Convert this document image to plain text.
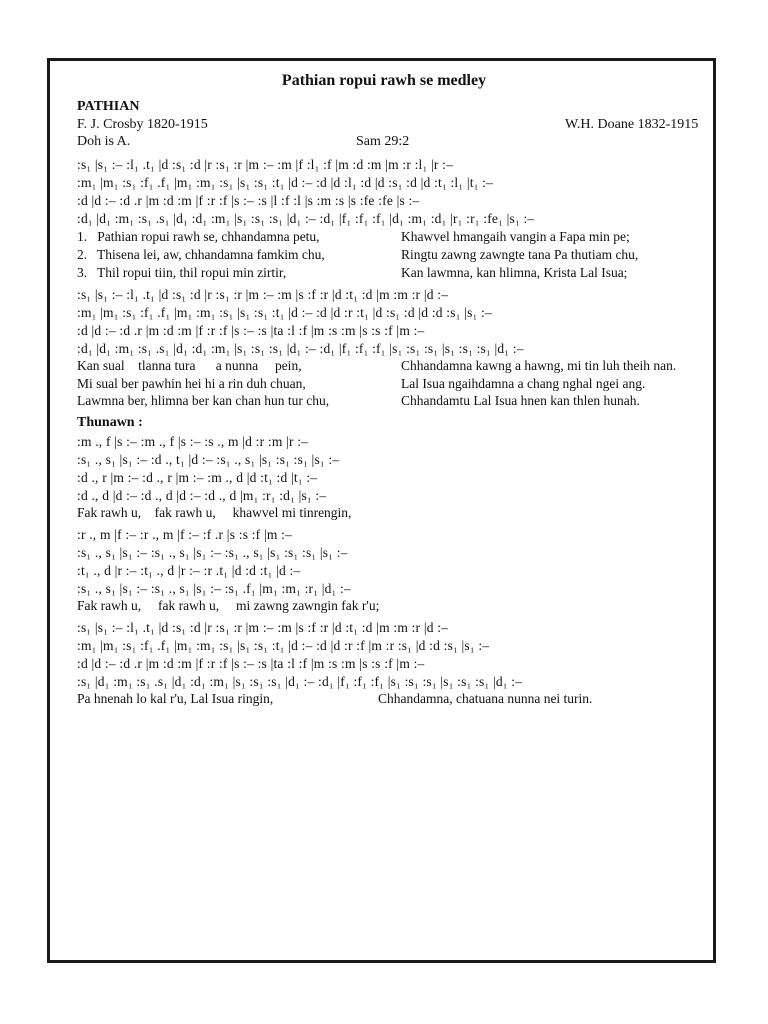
Pathian ropui rawh se medley
PATHIAN
F. J. Crosby 1820-1915	W.H. Doane 1832-1915
Doh is A.	Sam 29:2
:s₁ |s₁ :– :l₁ .t₁ |d :s₁ :d |r :s₁ :r |m :– :m |f :l₁ :f |m :d :m |m :r :l₁ |r :–
:m₁ |m₁ :s₁ :f₁ .f₁ |m₁ :m₁ :s₁ |s₁ :s₁ :t₁ |d :– :d |d :l₁ :d |d :s₁ :d |d :t₁ :l₁ |t₁ :–
:d |d :– :d .r |m :d :m |f :r :f |s :– :s |l :f :l |s :m :s |s :fe :fe |s :–
:d₁ |d₁ :m₁ :s₁ .s₁ |d₁ :d₁ :m₁ |s₁ :s₁ :s₁ |d₁ :– :d₁ |f₁ :f₁ :f₁ |d₁ :m₁ :d₁ |r₁ :r₁ :fe₁ |s₁ :–
1.   Pathian ropui rawh se, chhandamna petu,	Khawvel hmangaih vangin a Fapa min pe;
2.   Thisena lei, aw, chhandamna famkim chu,	Ringtu zawng zawngte tana Pa thutiam chu,
3.   Thil ropui tiin, thil ropui min zirtir,	Kan lawmna, kan hlimna, Krista Lal Isua;
:s₁ |s₁ :– :l₁ .t₁ |d :s₁ :d |r :s₁ :r |m :– :m |s :f :r |d :t₁ :d |m :m :r |d :–
:m₁ |m₁ :s₁ :f₁ .f₁ |m₁ :m₁ :s₁ |s₁ :s₁ :t₁ |d :– :d |d :r :t₁ |d :s₁ :d |d :d :s₁ |s₁ :–
:d |d :– :d .r |m :d :m |f :r :f |s :– :s |ta :l :f |m :s :m |s :s :f |m :–
:d₁ |d₁ :m₁ :s₁ .s₁ |d₁ :d₁ :m₁ |s₁ :s₁ :s₁ |d₁ :– :d₁ |f₁ :f₁ :f₁ |s₁ :s₁ :s₁ |s₁ :s₁ :s₁ |d₁ :–
Kan sual    tlanna tura      a nunna     pein,	Chhandamna kawng a hawng, mi tin luh theih nan.
Mi sual ber pawhin hei hi a rin duh chuan,	Lal Isua ngaihdamna a chang nghal ngei ang.
Lawmna ber, hlimna ber kan chan hun tur chu,	Chhandamtu Lal Isua hnen kan thlen hunah.
Thunawn :
:m ., f |s :– :m ., f |s :– :s ., m |d :r :m |r :–
:s₁ ., s₁ |s₁ :– :d ., t₁ |d :– :s₁ ., s₁ |s₁ :s₁ :s₁ |s₁ :–
:d ., r |m :– :d ., r |m :– :m ., d |d :t₁ :d |t₁ :–
:d ., d |d :– :d ., d |d :– :d ., d |m₁ :r₁ :d₁ |s₁ :–
Fak rawh u,    fak rawh u,     khawvel mi tinrengin,
:r ., m |f :– :r ., m |f :– :f .r |s :s :f |m :–
:s₁ ., s₁ |s₁ :– :s₁ ., s₁ |s₁ :– :s₁ ., s₁ |s₁ :s₁ :s₁ |s₁ :–
:t₁ ., d |r :– :t₁ ., d |r :– :r .t₁ |d :d :t₁ |d :–
:s₁ ., s₁ |s₁ :– :s₁ ., s₁ |s₁ :– :s₁ .f₁ |m₁ :m₁ :r₁ |d₁ :–
Fak rawh u,     fak rawh u,     mi zawng zawngin fak r'u;
:s₁ |s₁ :– :l₁ .t₁ |d :s₁ :d |r :s₁ :r |m :– :m |s :f :r |d :t₁ :d |m :m :r |d :–
:m₁ |m₁ :s₁ :f₁ .f₁ |m₁ :m₁ :s₁ |s₁ :s₁ :t₁ |d :– :d |d :r :f |m :r :s₁ |d :d :s₁ |s₁ :–
:d |d :– :d .r |m :d :m |f :r :f |s :– :s |ta :l :f |m :s :m |s :s :f |m :–
:s₁ |d₁ :m₁ :s₁ .s₁ |d₁ :d₁ :m₁ |s₁ :s₁ :s₁ |d₁ :– :d₁ |f₁ :f₁ :f₁ |s₁ :s₁ :s₁ |s₁ :s₁ :s₁ |d₁ :–
Pa hnenah lo kal r'u, Lal Isua ringin,	Chhandamna, chatuana nunna nei turin.
